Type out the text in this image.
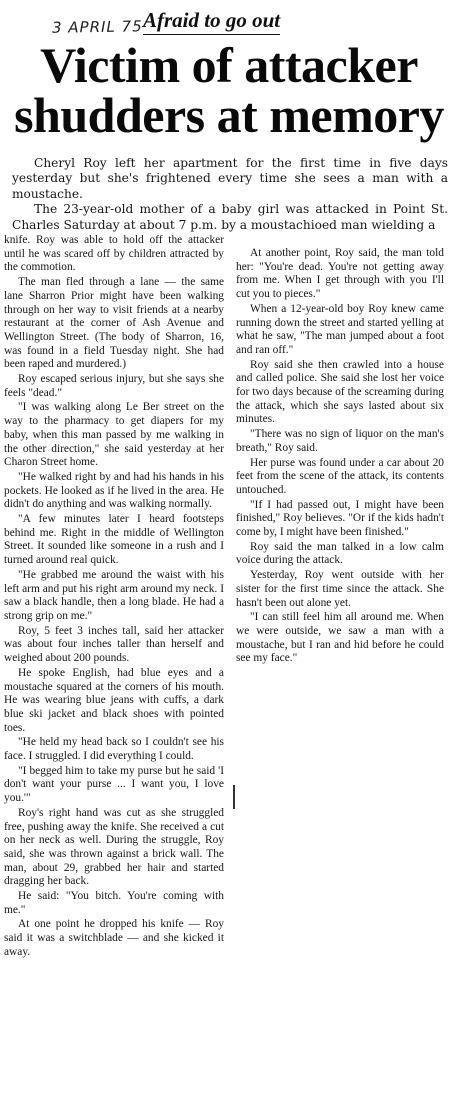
3 APRIL 75 Afraid to go out
Victim of attacker
shudders at memory

Cheryl Roy left her apartment for the first time in five days yesterday but she's frightened every time she sees a man with a moustache.

The 23-year-old mother of a baby girl was attacked in Point St. Charles Saturday at about 7 p.m. by a moustachioed man wielding a

knife. Roy was able to hold off the attacker until he was scared off by children attracted by the commotion.

The man fled through a lane — the same lane Sharron Prior might have been walking through on her way to visit friends at a nearby restaurant at the corner of Ash Avenue and Wellington Street. (The body of Sharron, 16, was found in a field Tuesday night. She had been raped and murdered.)

Roy escaped serious injury, but she says she feels "dead."

"I was walking along Le Ber street on the way to the pharmacy to get diapers for my baby, when this man passed by me walking in the other direction," she said yesterday at her Charon Street home.

"He walked right by and had his hands in his pockets. He looked as if he lived in the area. He didn't do anything and was walking normally.

"A few minutes later I heard footsteps behind me. Right in the middle of Wellington Street. It sounded like someone in a rush and I turned around real quick.

"He grabbed me around the waist with his left arm and put his right arm around my neck. I saw a black handle, then a long blade. He had a strong grip on me."

Roy, 5 feet 3 inches tall, said her attacker was about four inches taller than herself and weighed about 200 pounds.

He spoke English, had blue eyes and a moustache squared at the corners of his mouth. He was wearing blue jeans with cuffs, a dark blue ski jacket and black shoes with pointed toes.

"He held my head back so I couldn't see his face. I struggled. I did everything I could.

"I begged him to take my purse but he said 'I don't want your purse ... I want you, I love you.'"

Roy's right hand was cut as she struggled free, pushing away the knife. She received a cut on her neck as well. During the struggle, Roy said, she was thrown against a brick wall. The man, about 29, grabbed her hair and started dragging her back.

He said: "You bitch. You're coming with me."

At one point he dropped his knife — Roy said it was a switchblade — and she kicked it away.

At another point, Roy said, the man told her: "You're dead. You're not getting away from me. When I get through with you I'll cut you to pieces."

When a 12-year-old boy Roy knew came running down the street and started yelling at what he saw, "The man jumped about a foot and ran off."

Roy said she then crawled into a house and called police. She said she lost her voice for two days because of the screaming during the attack, which she says lasted about six minutes.

"There was no sign of liquor on the man's breath," Roy said.

Her purse was found under a car about 20 feet from the scene of the attack, its contents untouched.

"If I had passed out, I might have been finished," Roy believes. "Or if the kids hadn't come by, I might have been finished."

Roy said the man talked in a low calm voice during the attack.

Yesterday, Roy went outside with her sister for the first time since the attack. She hasn't been out alone yet.

"I can still feel him all around me. When we were outside, we saw a man with a moustache, but I ran and hid before he could see my face."
